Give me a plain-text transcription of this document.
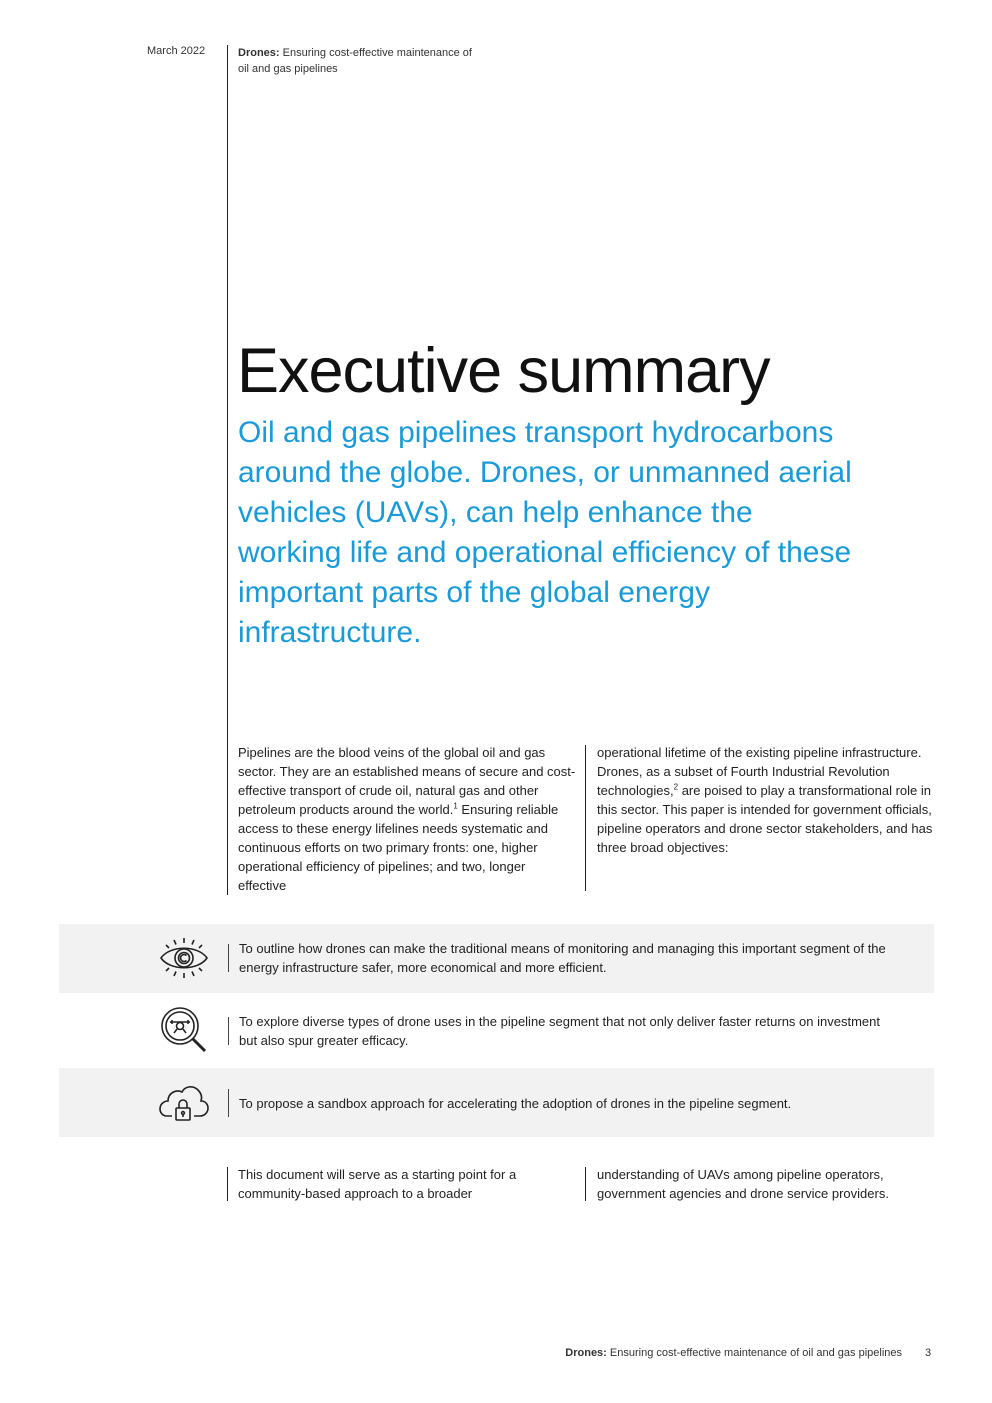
March 2022	Drones: Ensuring cost-effective maintenance of oil and gas pipelines
Executive summary

Oil and gas pipelines transport hydrocarbons around the globe. Drones, or unmanned aerial vehicles (UAVs), can help enhance the working life and operational efficiency of these important parts of the global energy infrastructure.

Pipelines are the blood veins of the global oil and gas sector. They are an established means of secure and cost-effective transport of crude oil, natural gas and other petroleum products around the world.$^1$ Ensuring reliable access to these energy lifelines needs systematic and continuous efforts on two primary fronts: one, higher operational efficiency of pipelines; and two, longer effective
operational lifetime of the existing pipeline infrastructure. Drones, as a subset of Fourth Industrial Revolution technologies,$^2$ are poised to play a transformational role in this sector. This paper is intended for government officials, pipeline operators and drone sector stakeholders, and has three broad objectives:
To outline how drones can make the traditional means of monitoring and managing this important segment of the energy infrastructure safer, more economical and more efficient.
To explore diverse types of drone uses in the pipeline segment that not only deliver faster returns on investment but also spur greater efficacy.
To propose a sandbox approach for accelerating the adoption of drones in the pipeline segment.
This document will serve as a starting point for a community-based approach to a broader
understanding of UAVs among pipeline operators, government agencies and drone service providers.
Drones: Ensuring cost-effective maintenance of oil and gas pipelines 3
